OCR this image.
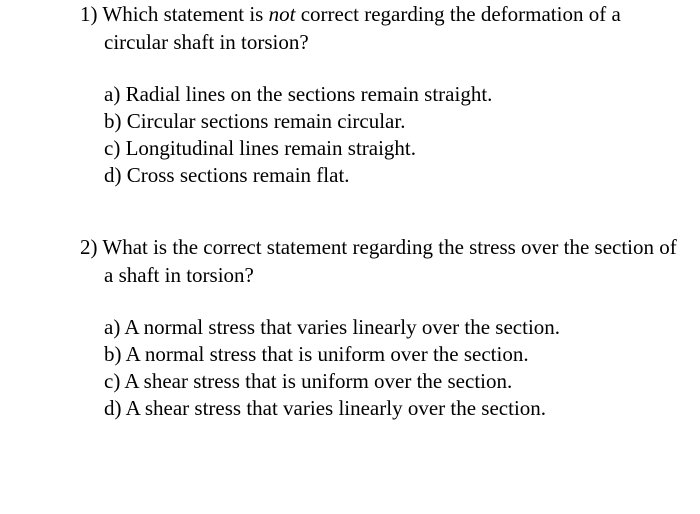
1) Which statement is not correct regarding the deformation of a circular shaft in torsion?

a) Radial lines on the sections remain straight.
b) Circular sections remain circular.
c) Longitudinal lines remain straight.
d) Cross sections remain flat.

2) What is the correct statement regarding the stress over the section of a shaft in torsion?

a) A normal stress that varies linearly over the section.
b) A normal stress that is uniform over the section.
c) A shear stress that is uniform over the section.
d) A shear stress that varies linearly over the section.
